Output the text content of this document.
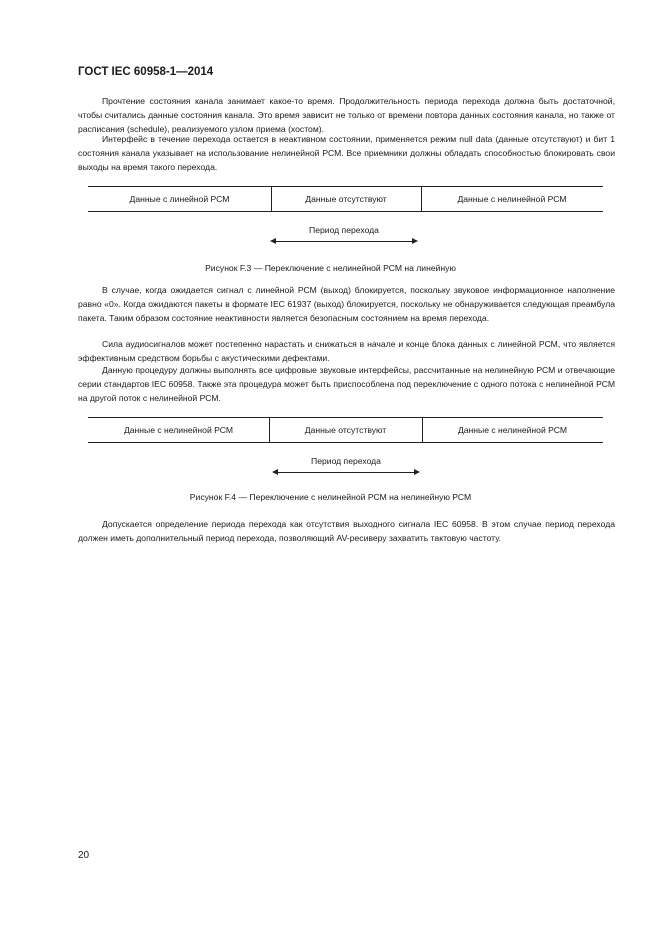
ГОСТ IEC 60958-1—2014

Прочтение состояния канала занимает какое-то время. Продолжительность периода перехода должна быть достаточной, чтобы считались данные состояния канала. Это время зависит не только от времени повтора данных состояния канала, но также от расписания (schedule), реализуемого узлом приема (хостом).

Интерфейс в течение перехода остается в неактивном состоянии, применяется режим null data (данные отсутствуют) и бит 1 состояния канала указывает на использование нелинейной РСМ. Все приемники должны обладать способностью блокировать свои выходы на время такого перехода.

Данные с линейной РСМ	Данные отсутствуют	Данные с нелинейной РСМ
Период перехода
Рисунок F.3 — Переключение с нелинейной РСМ на линейную

В случае, когда ожидается сигнал с линейной РСМ (выход) блокируется, поскольку звуковое информационное наполнение равно «0». Когда ожидаются пакеты в формате IEC 61937 (выход) блокируется, поскольку не обнаруживается следующая преамбула пакета. Таким образом состояние неактивности является безопасным состоянием на время перехода.

Сила аудиосигналов может постепенно нарастать и снижаться в начале и конце блока данных с линейной РСМ, что является эффективным средством борьбы с акустическими дефектами.

Данную процедуру должны выполнять все цифровые звуковые интерфейсы, рассчитанные на нелинейную РСМ и отвечающие серии стандартов IEC 60958. Также эта процедура может быть приспособлена под переключение с одного потока с нелинейной РСМ на другой поток с нелинейной РСМ.

Данные с нелинейной РСМ	Данные отсутствуют	Данные с нелинейной РСМ
Период перехода
Рисунок F.4 — Переключение с нелинейной РСМ на нелинейную РСМ

Допускается определение периода перехода как отсутствия выходного сигнала IEC 60958. В этом случае период перехода должен иметь дополнительный период перехода, позволяющий AV-ресиверу захватить тактовую частоту.

20
